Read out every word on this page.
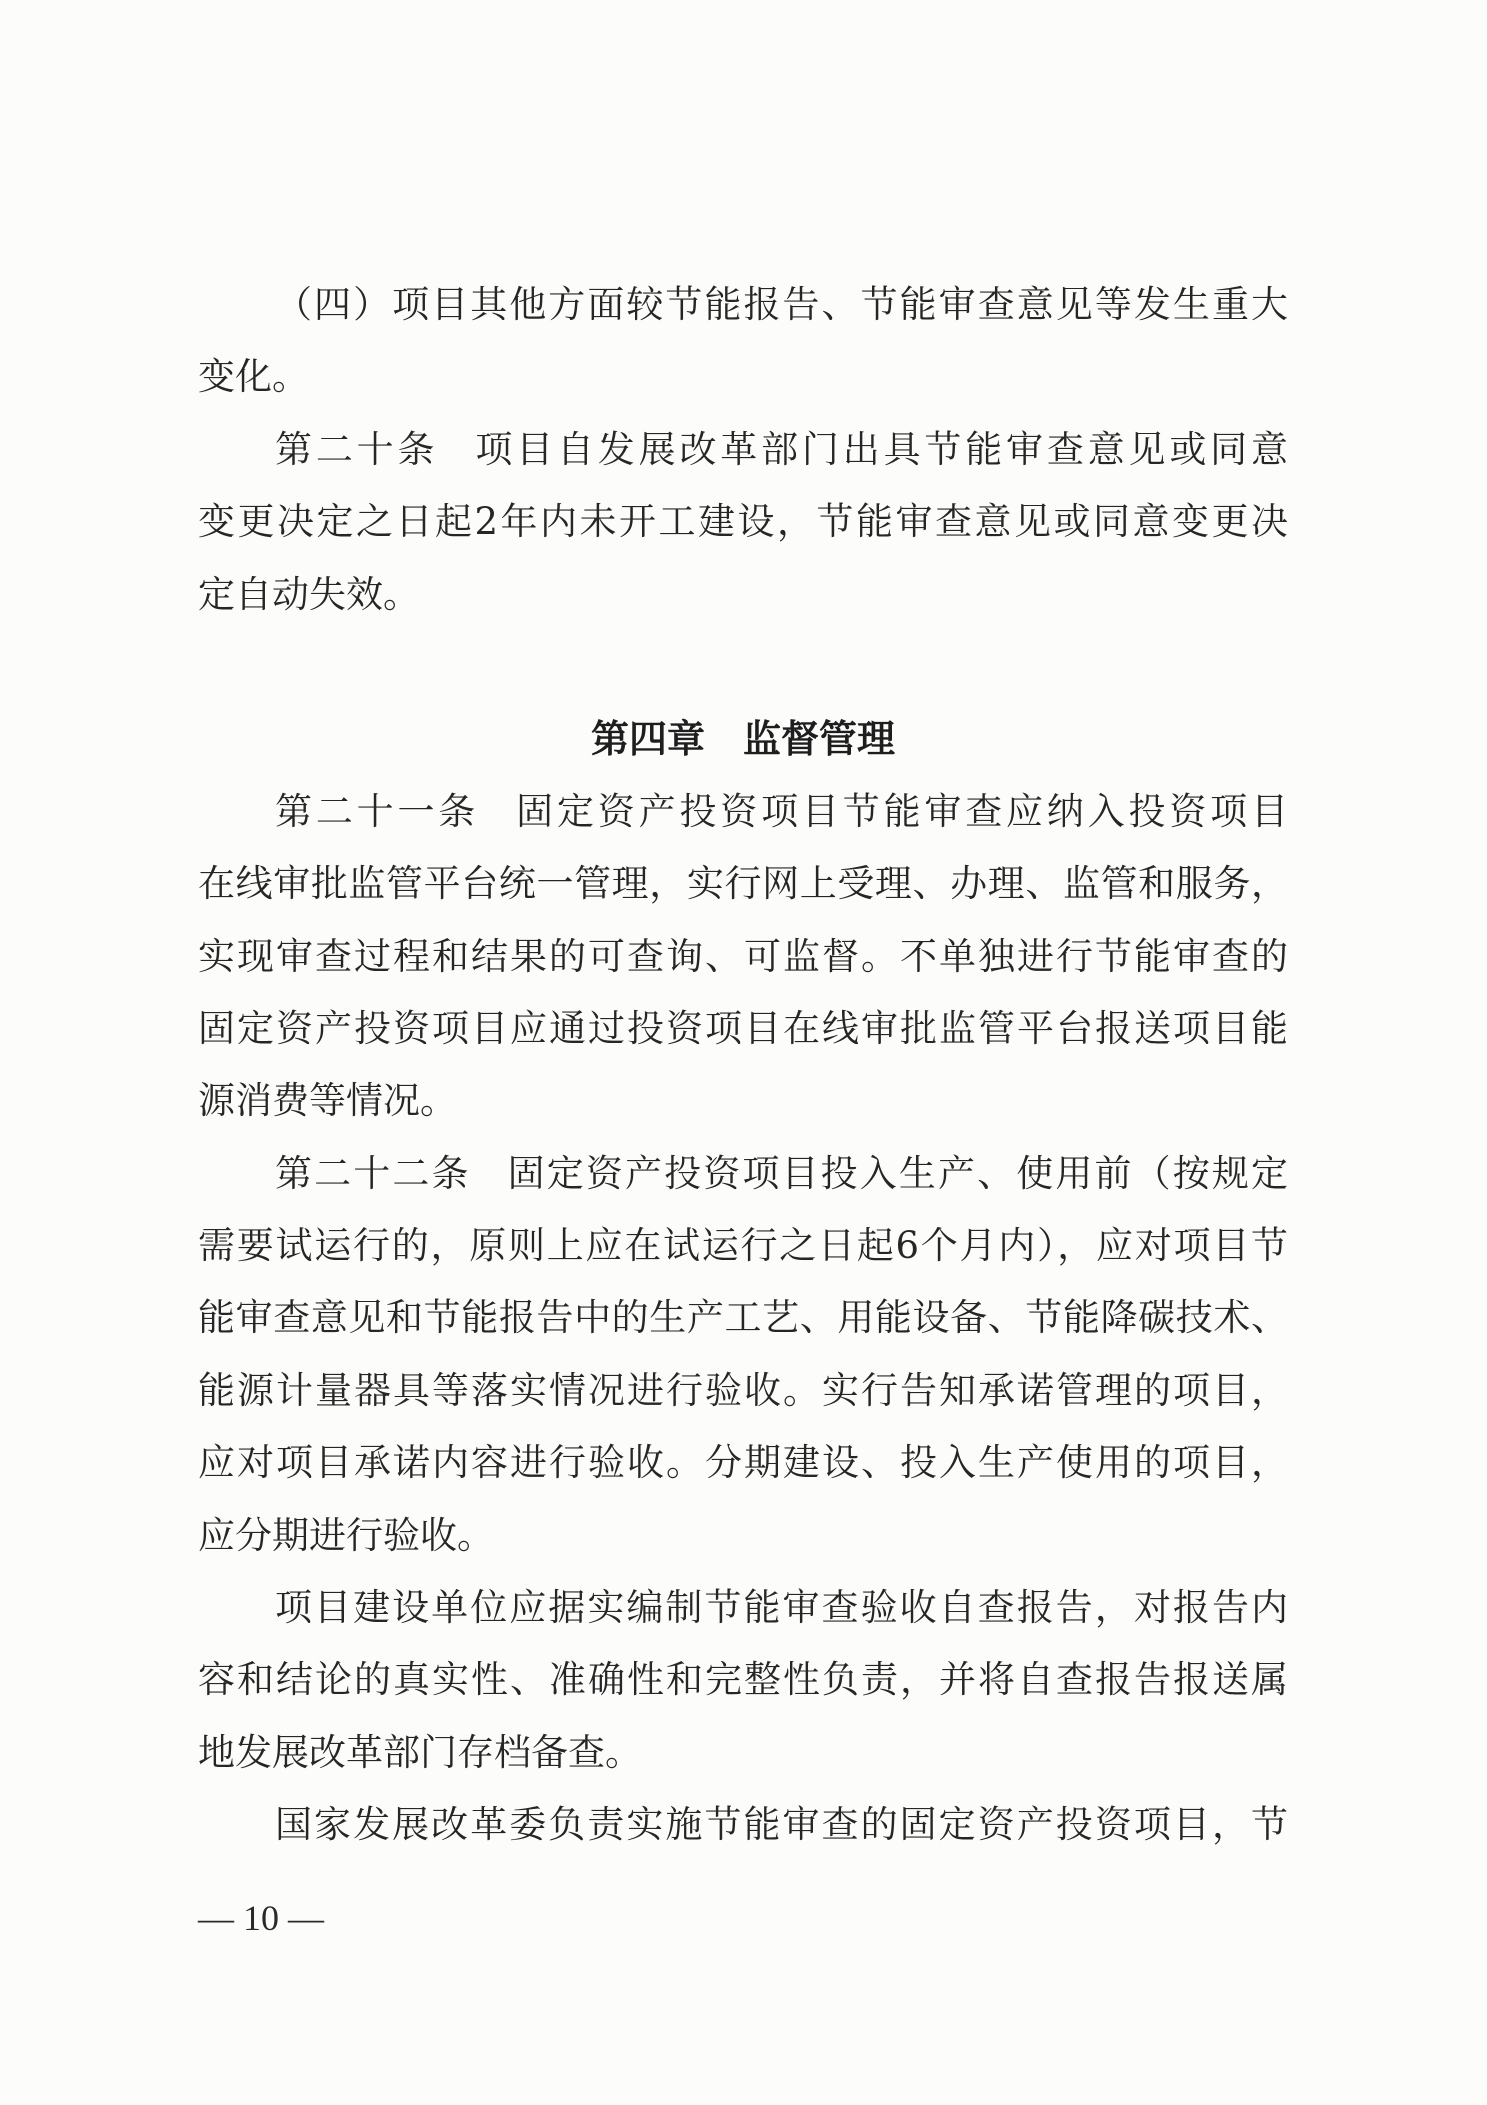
（四）项目其他方面较节能报告、节能审查意见等发生重大
变化。
第二十条 项目自发展改革部门出具节能审查意见或同意
变更决定之日起2年内未开工建设，节能审查意见或同意变更决
定自动失效。
第四章　监督管理
第二十一条 固定资产投资项目节能审查应纳入投资项目
在线审批监管平台统一管理，实行网上受理、办理、监管和服务，
实现审查过程和结果的可查询、可监督。不单独进行节能审查的
固定资产投资项目应通过投资项目在线审批监管平台报送项目能
源消费等情况。
第二十二条 固定资产投资项目投入生产、使用前（按规定
需要试运行的，原则上应在试运行之日起6个月内），应对项目节
能审查意见和节能报告中的生产工艺、用能设备、节能降碳技术、
能源计量器具等落实情况进行验收。实行告知承诺管理的项目，
应对项目承诺内容进行验收。分期建设、投入生产使用的项目，
应分期进行验收。
项目建设单位应据实编制节能审查验收自查报告，对报告内
容和结论的真实性、准确性和完整性负责，并将自查报告报送属
地发展改革部门存档备查。
国家发展改革委负责实施节能审查的固定资产投资项目，节
— 10 —
